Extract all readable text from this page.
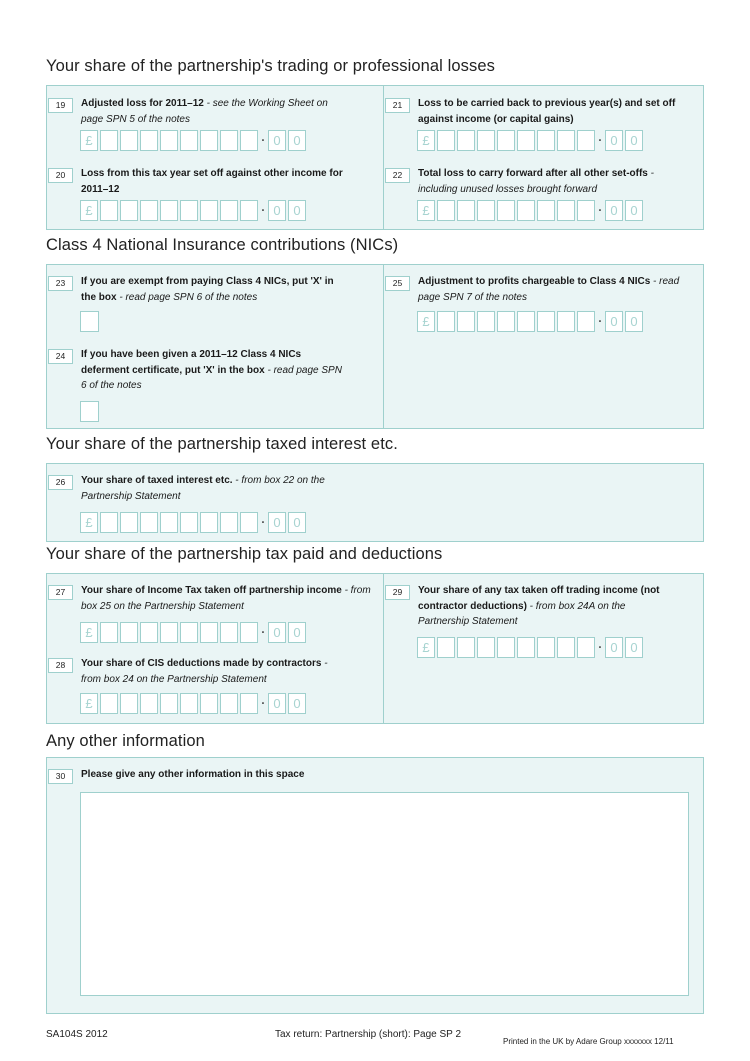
Your share of the partnership's trading or professional losses
19	Adjusted loss for 2011–12 - see the Working Sheet on page SPN 5 of the notes
£	· 0 0
20	Loss from this tax year set off against other income for 2011–12
£	· 0 0
21	Loss to be carried back to previous year(s) and set off against income (or capital gains)
£	· 0 0
22	Total loss to carry forward after all other set-offs - including unused losses brought forward
£	· 0 0
Class 4 National Insurance contributions (NICs)
23	If you are exempt from paying Class 4 NICs, put 'X' in the box - read page SPN 6 of the notes
24	If you have been given a 2011–12 Class 4 NICs deferment certificate, put 'X' in the box - read page SPN 6 of the notes
25	Adjustment to profits chargeable to Class 4 NICs - read page SPN 7 of the notes
£	· 0 0
Your share of the partnership taxed interest etc.
26	Your share of taxed interest etc. - from box 22 on the Partnership Statement
£	· 0 0
Your share of the partnership tax paid and deductions
27	Your share of Income Tax taken off partnership income - from box 25 on the Partnership Statement
£	· 0 0
28	Your share of CIS deductions made by contractors - from box 24 on the Partnership Statement
£	· 0 0
29	Your share of any tax taken off trading income (not contractor deductions) - from box 24A on the Partnership Statement
£	· 0 0
Any other information
30	Please give any other information in this space
SA104S 2012	Tax return: Partnership (short): Page SP 2
Printed in the UK by Adare Group xxxxxxx 12/11
